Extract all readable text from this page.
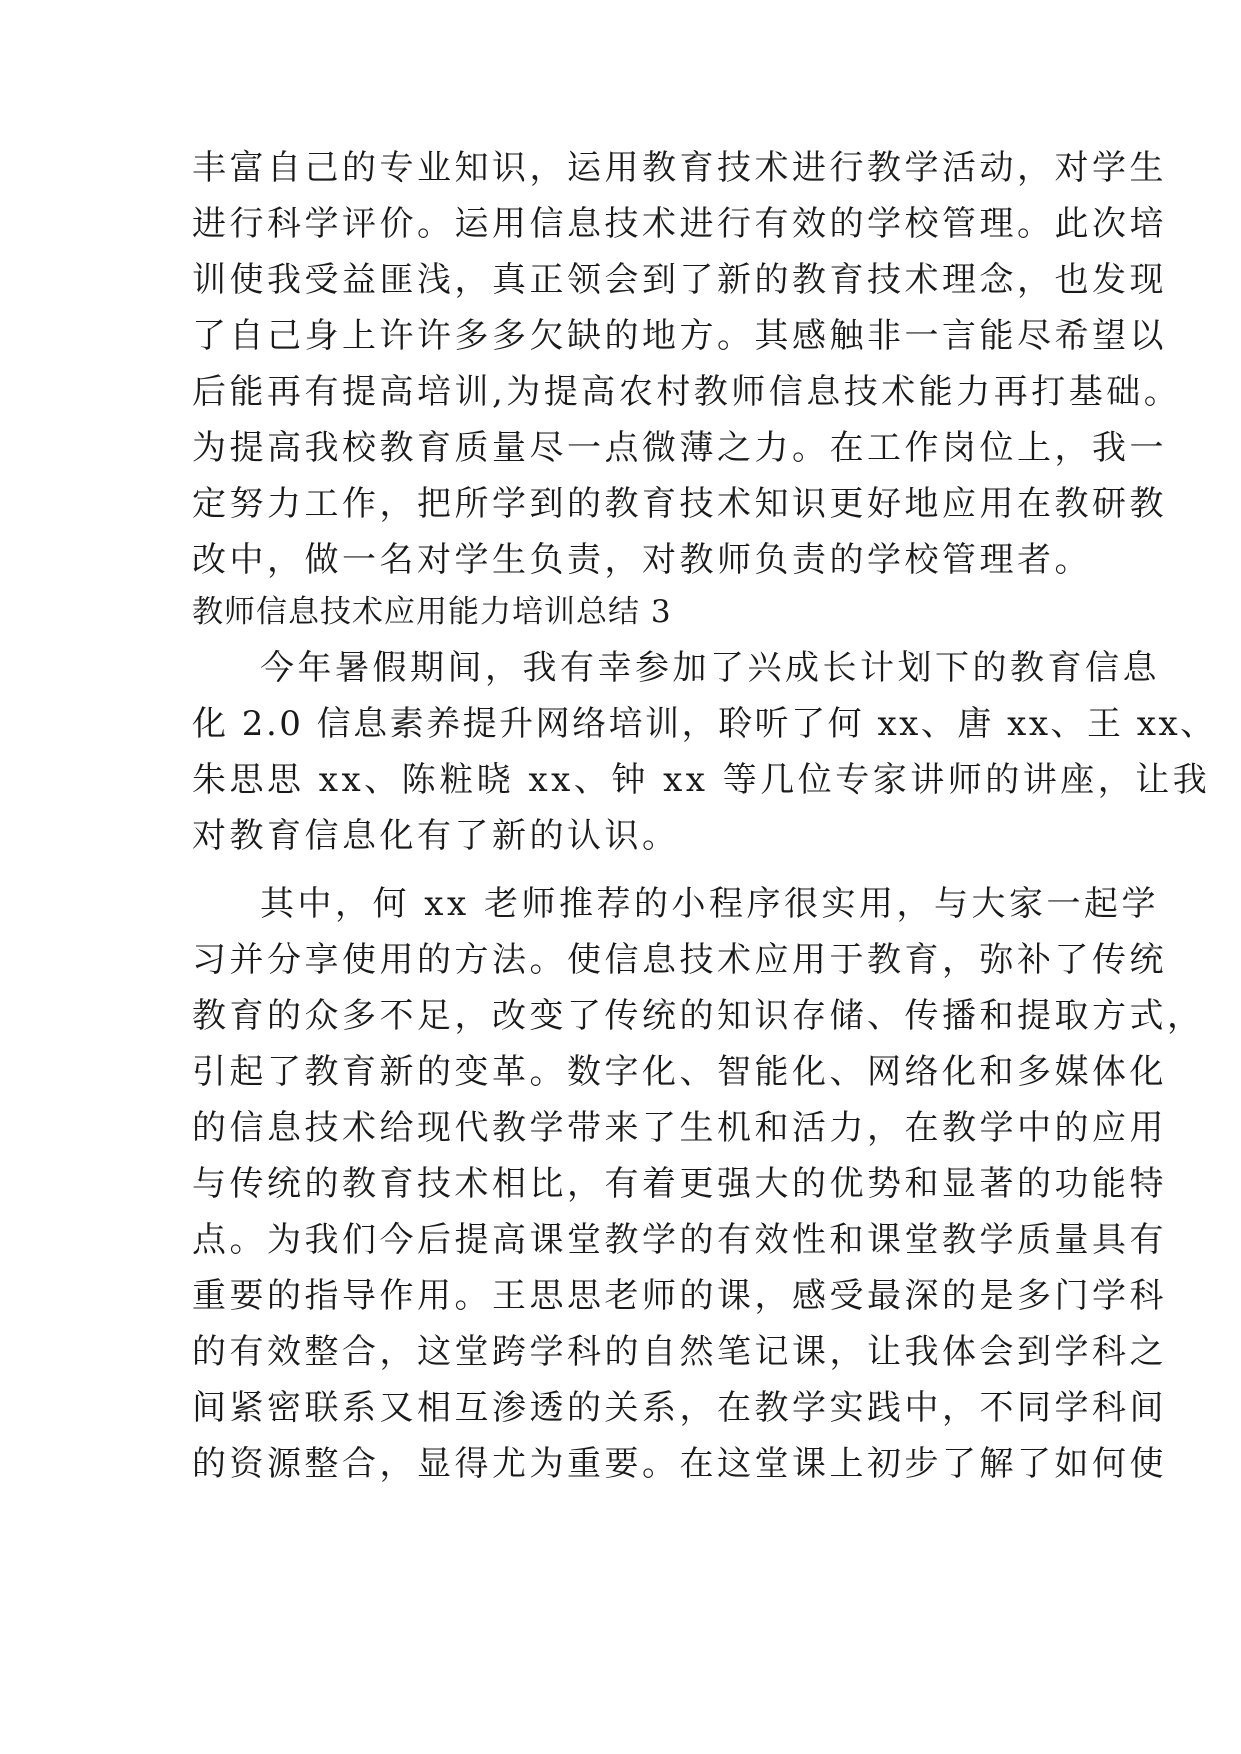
丰富自己的专业知识，运用教育技术进行教学活动，对学生
进行科学评价。运用信息技术进行有效的学校管理。此次培
训使我受益匪浅，真正领会到了新的教育技术理念，也发现
了自己身上许许多多欠缺的地方。其感触非一言能尽希望以
后能再有提高培训,为提高农村教师信息技术能力再打基础。
为提高我校教育质量尽一点微薄之力。在工作岗位上，我一
定努力工作，把所学到的教育技术知识更好地应用在教研教
改中，做一名对学生负责，对教师负责的学校管理者。
教师信息技术应用能力培训总结 3
今年暑假期间，我有幸参加了兴成长计划下的教育信息
化 2.0 信息素养提升网络培训，聆听了何 xx、唐 xx、王 xx、
朱思思 xx、陈粧晓 xx、钟 xx 等几位专家讲师的讲座，让我
对教育信息化有了新的认识。
其中，何 xx 老师推荐的小程序很实用，与大家一起学
习并分享使用的方法。使信息技术应用于教育，弥补了传统
教育的众多不足，改变了传统的知识存储、传播和提取方式，
引起了教育新的变革。数字化、智能化、网络化和多媒体化
的信息技术给现代教学带来了生机和活力，在教学中的应用
与传统的教育技术相比，有着更强大的优势和显著的功能特
点。为我们今后提高课堂教学的有效性和课堂教学质量具有
重要的指导作用。王思思老师的课，感受最深的是多门学科
的有效整合，这堂跨学科的自然笔记课，让我体会到学科之
间紧密联系又相互渗透的关系，在教学实践中，不同学科间
的资源整合，显得尤为重要。在这堂课上初步了解了如何使
